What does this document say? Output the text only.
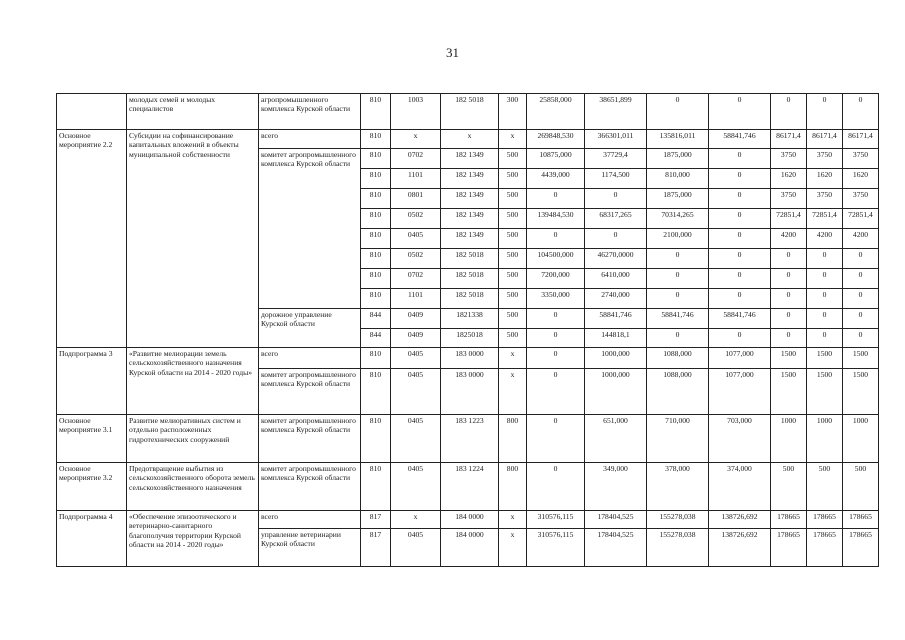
31
	молодых семей и молодых специалистов	агропромышленного комплекса Курской области	810	1003	182 5018	300	25858,000	38651,899	0	0	0	0	0
Основное мероприятие 2.2	Субсидии на софинансирование капитальных вложений в объекты муниципальной собственности	всего	810	x	x	x	269848,530	366301,011	135816,011	58841,746	86171,4	86171,4	86171,4
		комитет агропромышленного комплекса Курской области	810	0702	182 1349	500	10875,000	37729,4	1875,000	0	3750	3750	3750
			810	1101	182 1349	500	4439,000	1174,500	810,000	0	1620	1620	1620
			810	0801	182 1349	500	0	0	1875,000	0	3750	3750	3750
			810	0502	182 1349	500	139484,530	68317,265	70314,265	0	72851,4	72851,4	72851,4
			810	0405	182 1349	500	0	0	2100,000	0	4200	4200	4200
			810	0502	182 5018	500	104500,000	46270,0000	0	0	0	0	0
			810	0702	182 5018	500	7200,000	6410,000	0	0	0	0	0
			810	1101	182 5018	500	3350,000	2740,000	0	0	0	0	0
		дорожное управление Курской области	844	0409	1821338	500	0	58841,746	58841,746	58841,746	0	0	0
			844	0409	1825018	500	0	144818,1	0	0	0	0	0
Подпрограмма 3	«Развитие мелиорации земель сельскохозяйственного назначения Курской области на 2014 - 2020 годы»	всего	810	0405	183 0000	x	0	1000,000	1088,000	1077,000	1500	1500	1500
		комитет агропромышленного комплекса Курской области	810	0405	183 0000	x	0	1000,000	1088,000	1077,000	1500	1500	1500
Основное мероприятие 3.1	Развитие мелиоративных систем и отдельно расположенных гидротехнических сооружений	комитет агропромышленного комплекса Курской области	810	0405	183 1223	800	0	651,000	710,000	703,000	1000	1000	1000
Основное мероприятие 3.2	Предотвращение выбытия из сельскохозяйственного оборота земель сельскохозяйственного назначения	комитет агропромышленного комплекса Курской области	810	0405	183 1224	800	0	349,000	378,000	374,000	500	500	500
Подпрограмма 4	«Обеспечение эпизоотического и ветеринарно-санитарного благополучия территории Курской области на 2014 - 2020 годы»	всего	817	x	184 0000	x	310576,115	178404,525	155278,038	138726,692	178665	178665	178665
		управление ветеринарии Курской области	817	0405	184 0000	x	310576,115	178404,525	155278,038	138726,692	178665	178665	178665
